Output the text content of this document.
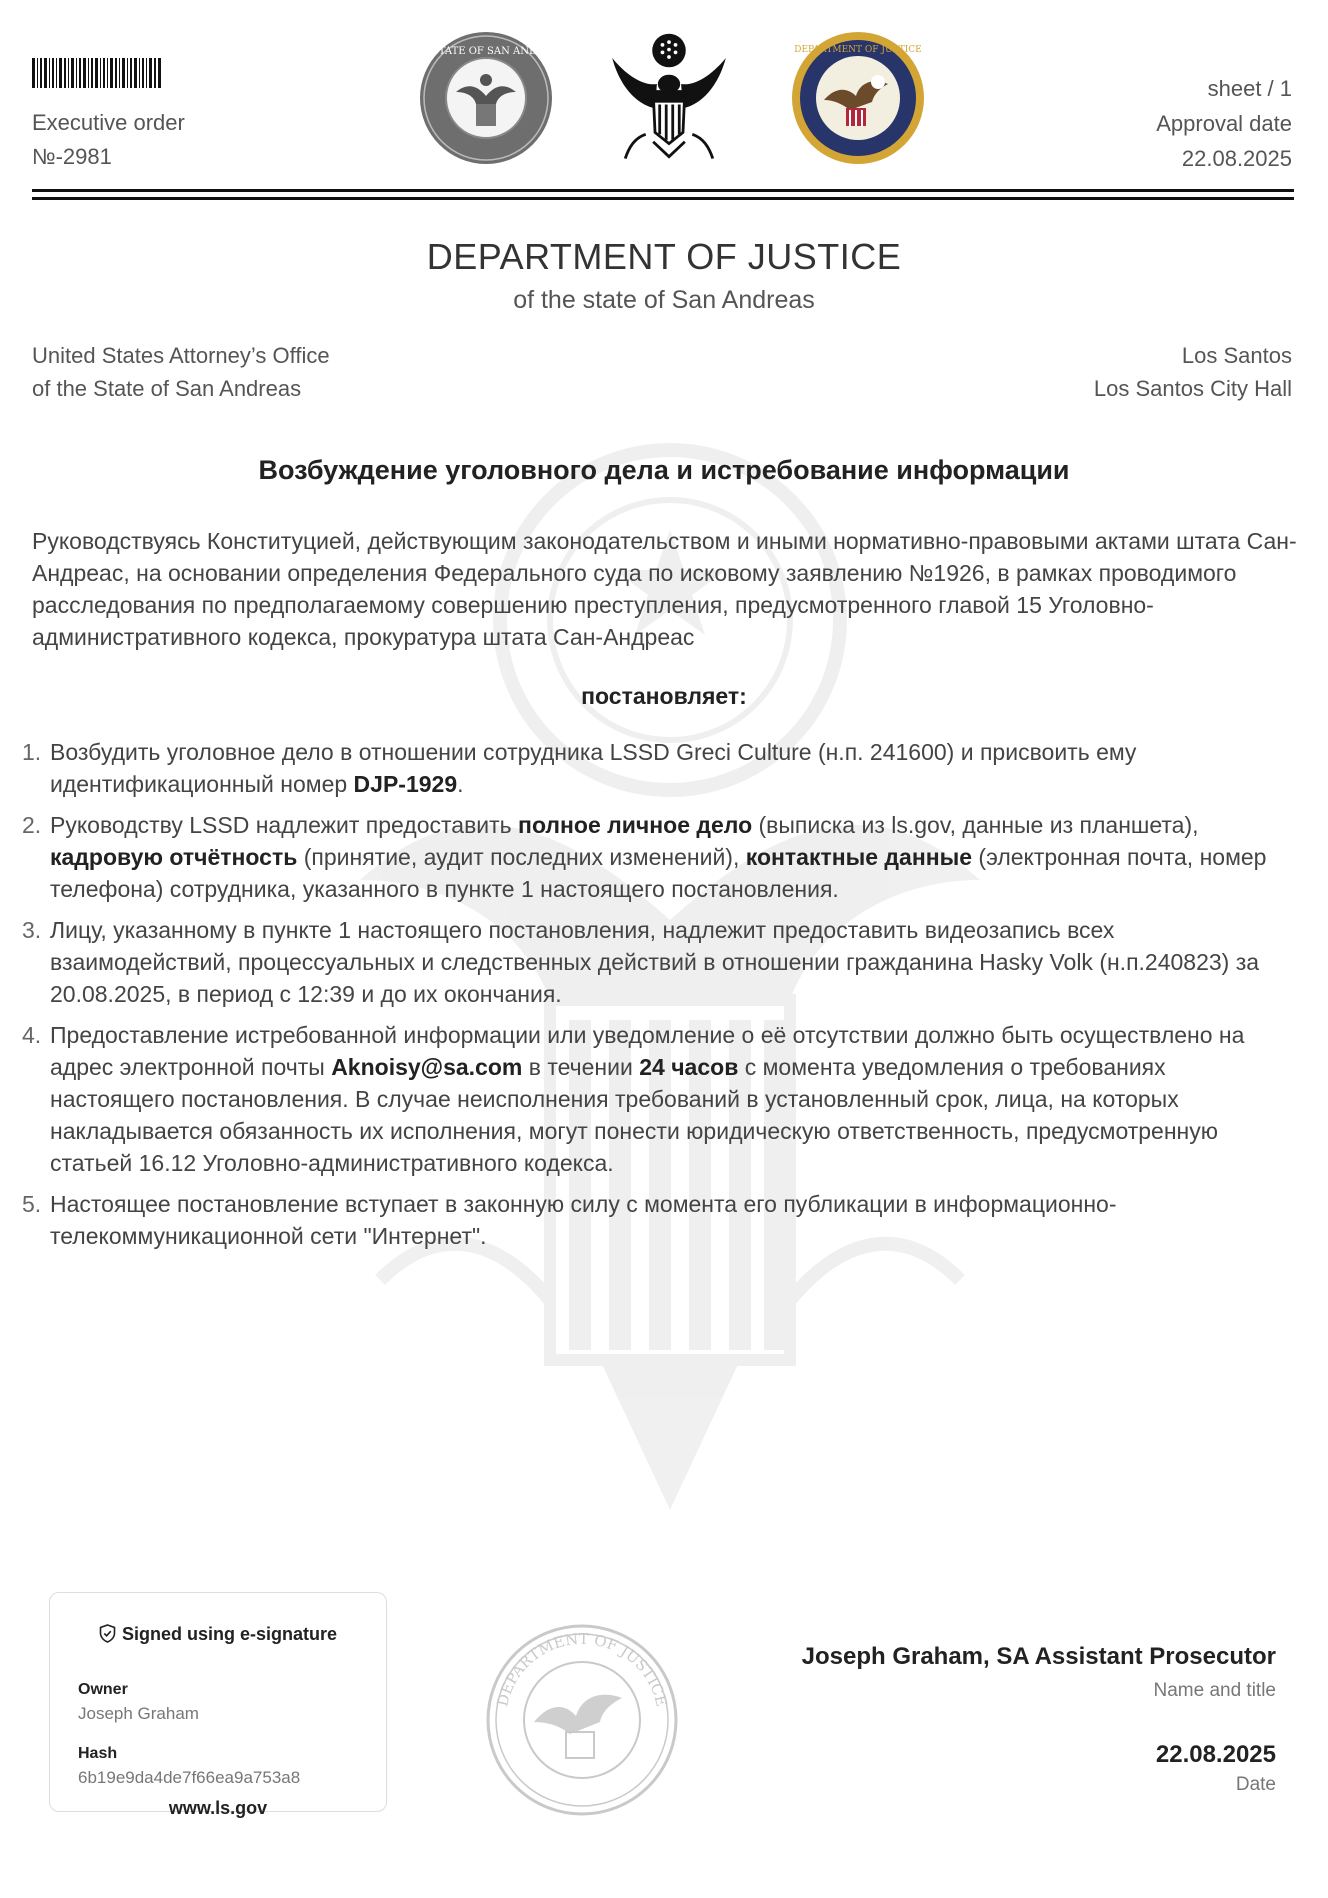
Executive order
№-2981
sheet / 1
Approval date
22.08.2025
THE STATE OF SAN ANDREAS	DEPARTMENT OF JUSTICE
DEPARTMENT OF JUSTICE
of the state of San Andreas
United States Attorney’s Office
of the State of San Andreas
Los Santos
Los Santos City Hall
Возбуждение уголовного дела и истребование информации
Руководствуясь Конституцией, действующим законодательством и иными нормативно-правовыми актами штата Сан-Андреас, на основании определения Федерального суда по исковому заявлению №1926, в рамках проводимого расследования по предполагаемому совершению преступления, предусмотренного главой 15 Уголовно-административного кодекса, прокуратура штата Сан-Андреас
постановляет:
1. Возбудить уголовное дело в отношении сотрудника LSSD Greci Culture (н.п. 241600) и присвоить ему идентификационный номер DJP-1929.
2. Руководству LSSD надлежит предоставить полное личное дело (выписка из ls.gov, данные из планшета), кадровую отчётность (принятие, аудит последних изменений), контактные данные (электронная почта, номер телефона) сотрудника, указанного в пункте 1 настоящего постановления.
3. Лицу, указанному в пункте 1 настоящего постановления, надлежит предоставить видеозапись всех взаимодействий, процессуальных и следственных действий в отношении гражданина Hasky Volk (н.п.240823) за 20.08.2025, в период с 12:39 и до их окончания.
4. Предоставление истребованной информации или уведомление о её отсутствии должно быть осуществлено на адрес электронной почты Aknoisy@sa.com в течении 24 часов с момента уведомления о требованиях настоящего постановления. В случае неисполнения требований в установленный срок, лица, на которых накладывается обязанность их исполнения, могут понести юридическую ответственность, предусмотренную статьей 16.12 Уголовно-административного кодекса.
5. Настоящее постановление вступает в законную силу с момента его публикации в информационно-телекоммуникационной сети "Интернет".
Signed using e-signature
Owner
Joseph Graham
Hash
6b19e9da4de7f66ea9a753a8
www.ls.gov
DEPARTMENT OF JUSTICE
Joseph Graham, SA Assistant Prosecutor
Name and title
22.08.2025
Date
